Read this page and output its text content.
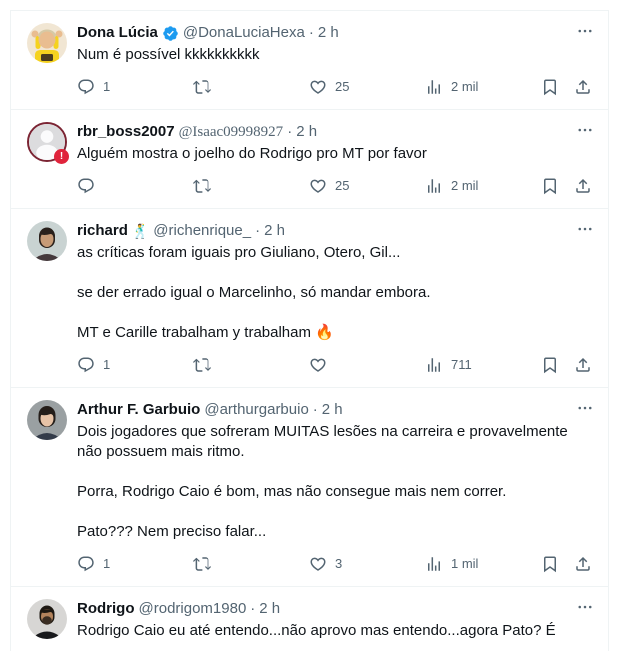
Dona Lúcia @DonaLuciaHexa · 2 h

Num é possível kkkkkkkkkk

1	25	2 mil
!
rbr_boss2007 @Isaac09998927 · 2 h

Alguém mostra o joelho do Rodrigo pro MT por favor

25	2 mil
richard 🕺 @richenrique_ · 2 h

as críticas foram iguais pro Giuliano, Otero, Gil...

se der errado igual o Marcelinho, só mandar embora.

MT e Carille trabalham y trabalham 🔥

1	711
Arthur F. Garbuio @arthurgarbuio · 2 h

Dois jogadores que sofreram MUITAS lesões na carreira e provavelmente não possuem mais ritmo.

Porra, Rodrigo Caio é bom, mas não consegue mais nem correr.

Pato??? Nem preciso falar...

1	3	1 mil
Rodrigo @rodrigom1980 · 2 h

Rodrigo Caio eu até entendo...não aprovo mas entendo...agora Pato? É
